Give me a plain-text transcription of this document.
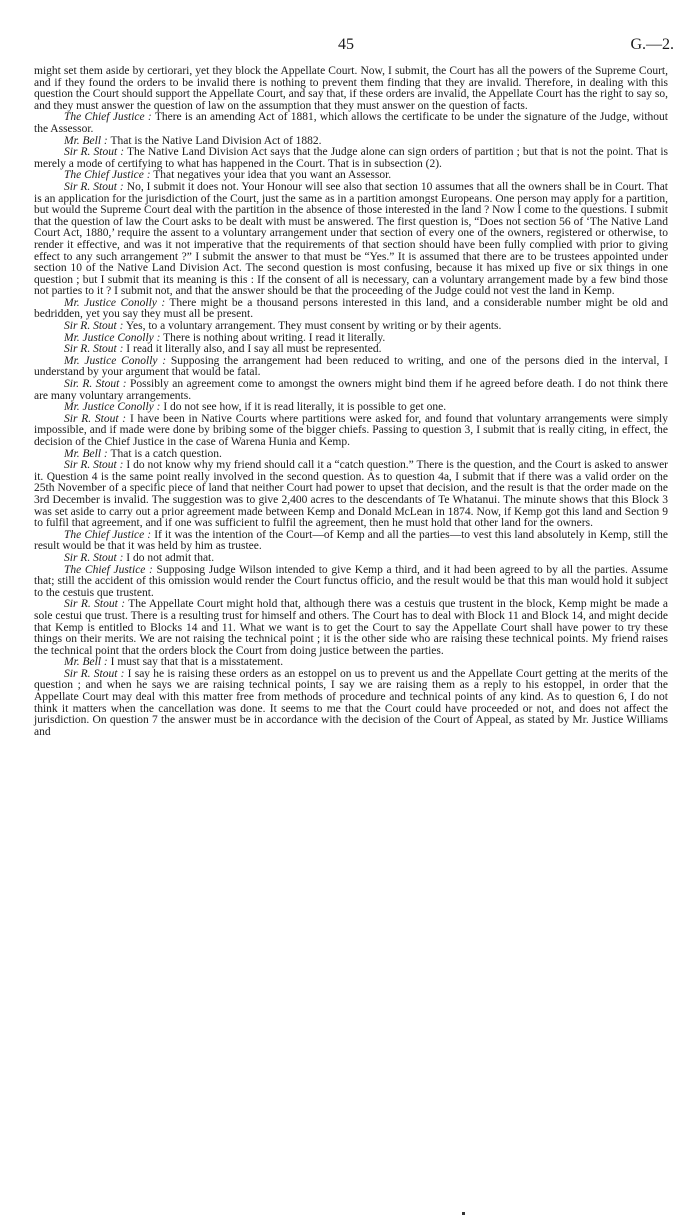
45	G.—2.

might set them aside by certiorari, yet they block the Appellate Court. Now, I submit, the Court has all the powers of the Supreme Court, and if they found the orders to be invalid there is nothing to prevent them finding that they are invalid. Therefore, in dealing with this question the Court should support the Appellate Court, and say that, if these orders are invalid, the Appellate Court has the right to say so, and they must answer the question of law on the assumption that they must answer on the question of facts.

The Chief Justice : There is an amending Act of 1881, which allows the certificate to be under the signature of the Judge, without the Assessor.

Mr. Bell : That is the Native Land Division Act of 1882.

Sir R. Stout : The Native Land Division Act says that the Judge alone can sign orders of partition ; but that is not the point. That is merely a mode of certifying to what has happened in the Court. That is in subsection (2).

The Chief Justice : That negatives your idea that you want an Assessor.

Sir R. Stout : No, I submit it does not. Your Honour will see also that section 10 assumes that all the owners shall be in Court. That is an application for the jurisdiction of the Court, just the same as in a partition amongst Europeans. One person may apply for a partition, but would the Supreme Court deal with the partition in the absence of those interested in the land ? Now I come to the questions. I submit that the question of law the Court asks to be dealt with must be answered. The first question is, “Does not section 56 of ‘The Native Land Court Act, 1880,’ require the assent to a voluntary arrangement under that section of every one of the owners, registered or otherwise, to render it effective, and was it not imperative that the requirements of that section should have been fully complied with prior to giving effect to any such arrangement ?” I submit the answer to that must be “Yes.” It is assumed that there are to be trustees appointed under section 10 of the Native Land Division Act. The second question is most confusing, because it has mixed up five or six things in one question ; but I submit that its meaning is this : If the consent of all is necessary, can a voluntary arrangement made by a few bind those not parties to it ? I submit not, and that the answer should be that the proceeding of the Judge could not vest the land in Kemp.

Mr. Justice Conolly : There might be a thousand persons interested in this land, and a considerable number might be old and bedridden, yet you say they must all be present.

Sir R. Stout : Yes, to a voluntary arrangement. They must consent by writing or by their agents.

Mr. Justice Conolly : There is nothing about writing. I read it literally.

Sir R. Stout : I read it literally also, and I say all must be represented.

Mr. Justice Conolly : Supposing the arrangement had been reduced to writing, and one of the persons died in the interval, I understand by your argument that would be fatal.

Sir. R. Stout : Possibly an agreement come to amongst the owners might bind them if he agreed before death. I do not think there are many voluntary arrangements.

Mr. Justice Conolly : I do not see how, if it is read literally, it is possible to get one.

Sir R. Stout : I have been in Native Courts where partitions were asked for, and found that voluntary arrangements were simply impossible, and if made were done by bribing some of the bigger chiefs. Passing to question 3, I submit that is really citing, in effect, the decision of the Chief Justice in the case of Warena Hunia and Kemp.

Mr. Bell : That is a catch question.

Sir R. Stout : I do not know why my friend should call it a “catch question.” There is the question, and the Court is asked to answer it. Question 4 is the same point really involved in the second question. As to question 4a, I submit that if there was a valid order on the 25th November of a specific piece of land that neither Court had power to upset that decision, and the result is that the order made on the 3rd December is invalid. The suggestion was to give 2,400 acres to the descendants of Te Whatanui. The minute shows that this Block 3 was set aside to carry out a prior agreement made between Kemp and Donald McLean in 1874. Now, if Kemp got this land and Section 9 to fulfil that agreement, and if one was sufficient to fulfil the agreement, then he must hold that other land for the owners.

The Chief Justice : If it was the intention of the Court—of Kemp and all the parties—to vest this land absolutely in Kemp, still the result would be that it was held by him as trustee.

Sir R. Stout : I do not admit that.

The Chief Justice : Supposing Judge Wilson intended to give Kemp a third, and it had been agreed to by all the parties. Assume that; still the accident of this omission would render the Court functus officio, and the result would be that this man would hold it subject to the cestuis que trustent.

Sir R. Stout : The Appellate Court might hold that, although there was a cestuis que trustent in the block, Kemp might be made a sole cestui que trust. There is a resulting trust for himself and others. The Court has to deal with Block 11 and Block 14, and might decide that Kemp is entitled to Blocks 14 and 11. What we want is to get the Court to say the Appellate Court shall have power to try these things on their merits. We are not raising the technical point ; it is the other side who are raising these technical points. My friend raises the technical point that the orders block the Court from doing justice between the parties.

Mr. Bell : I must say that that is a misstatement.

Sir R. Stout : I say he is raising these orders as an estoppel on us to prevent us and the Appellate Court getting at the merits of the question ; and when he says we are raising technical points, I say we are raising them as a reply to his estoppel, in order that the Appellate Court may deal with this matter free from methods of procedure and technical points of any kind. As to question 6, I do not think it matters when the cancellation was done. It seems to me that the Court could have proceeded or not, and does not affect the jurisdiction. On question 7 the answer must be in accordance with the decision of the Court of Appeal, as stated by Mr. Justice Williams and
